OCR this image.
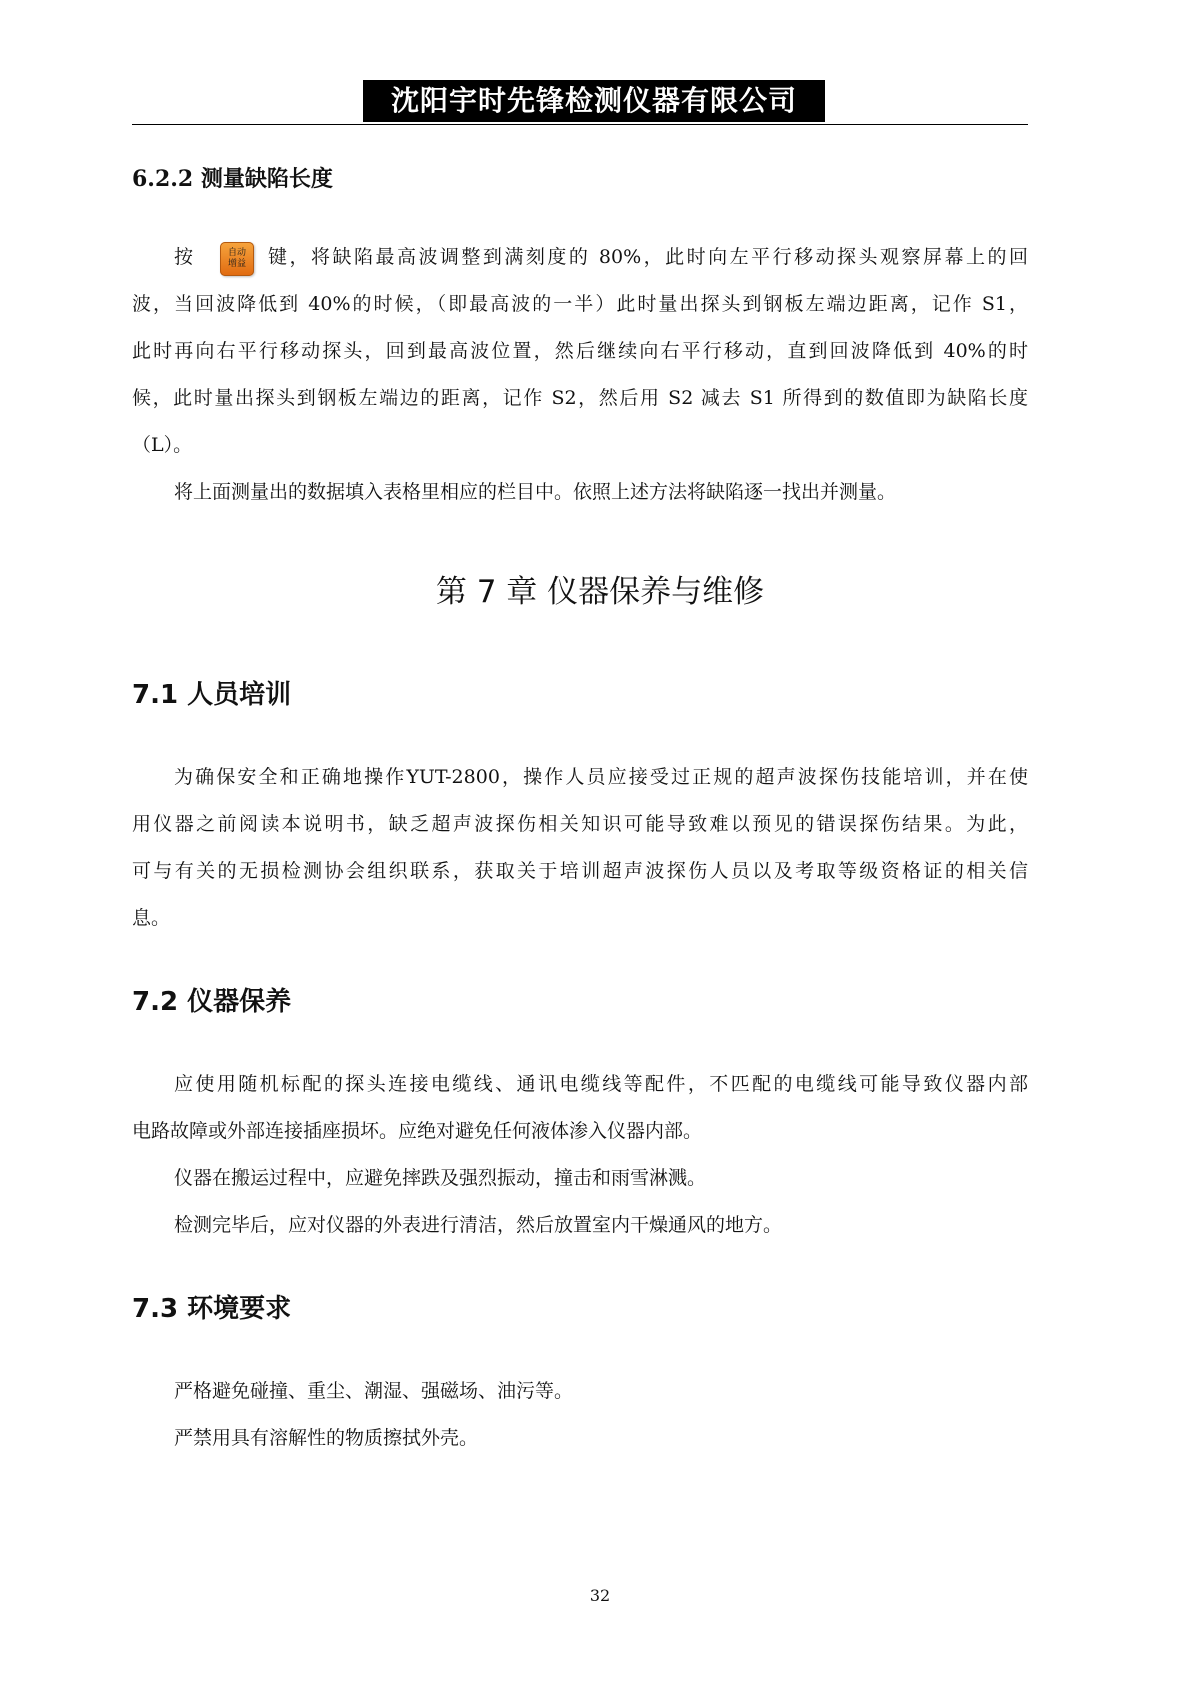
沈阳宇时先锋检测仪器有限公司
6.2.2 测量缺陷长度
按	自动
增益 键，将缺陷最高波调整到满刻度的 80%，此时向左平行移动探头观察屏幕上的回
波，当回波降低到 40%的时候，（即最高波的一半）此时量出探头到钢板左端边距离，记作 S1，
此时再向右平行移动探头，回到最高波位置，然后继续向右平行移动，直到回波降低到 40%的时
候，此时量出探头到钢板左端边的距离，记作 S2，然后用 S2 减去 S1 所得到的数值即为缺陷长度
（L）。
将上面测量出的数据填入表格里相应的栏目中。依照上述方法将缺陷逐一找出并测量。
第 7 章 仪器保养与维修
7.1 人员培训
为确保安全和正确地操作YUT-2800，操作人员应接受过正规的超声波探伤技能培训，并在使
用仪器之前阅读本说明书，缺乏超声波探伤相关知识可能导致难以预见的错误探伤结果。为此，
可与有关的无损检测协会组织联系，获取关于培训超声波探伤人员以及考取等级资格证的相关信
息。
7.2 仪器保养
应使用随机标配的探头连接电缆线、通讯电缆线等配件，不匹配的电缆线可能导致仪器内部
电路故障或外部连接插座损坏。应绝对避免任何液体渗入仪器内部。
仪器在搬运过程中，应避免摔跌及强烈振动，撞击和雨雪淋溅。
检测完毕后，应对仪器的外表进行清洁，然后放置室内干燥通风的地方。
7.3 环境要求
严格避免碰撞、重尘、潮湿、强磁场、油污等。
严禁用具有溶解性的物质擦拭外壳。
32
